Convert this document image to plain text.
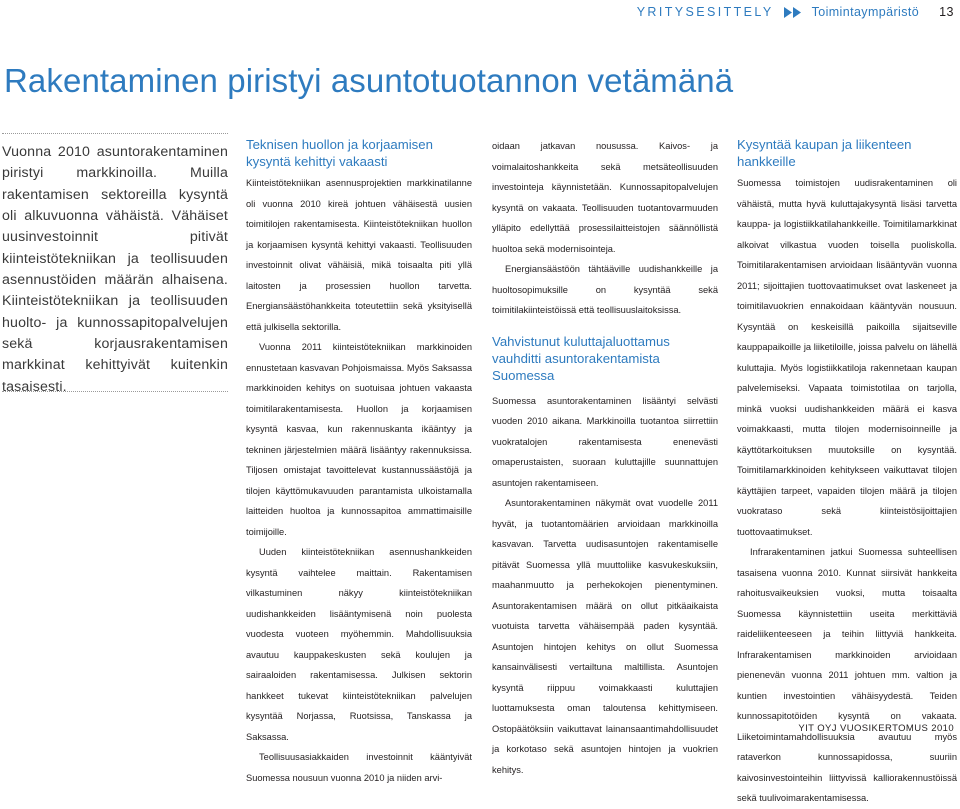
YRITYSESITTELY	Toimintaympäristö 13
Rakentaminen piristyi asuntotuotannon vetämänä

Vuonna 2010 asuntorakentaminen piristyi markkinoilla. Muilla rakentamisen sektoreilla kysyntä oli alkuvuonna vähäistä. Vähäiset uusinvestoinnit pitivät kiinteistötekniikan ja teollisuuden asennustöiden määrän alhaisena. Kiinteistötekniikan ja teollisuuden huolto- ja kunnossapitopalvelujen sekä korjausrakentamisen markkinat kehittyivät kuitenkin tasaisesti.

Teknisen huollon ja korjaamisen kysyntä kehittyi vakaasti

Kiinteistötekniikan asennusprojektien markkinatilanne oli vuonna 2010 kireä johtuen vähäisestä uusien toimitilojen rakentamisesta. Kiinteistötekniikan huollon ja korjaamisen kysyntä kehittyi vakaasti. Teollisuuden investoinnit olivat vähäisiä, mikä toisaalta piti yllä laitosten ja prosessien huollon tarvetta. Energiansäästöhankkeita toteutettiin sekä yksityisellä että julkisella sektorilla.

Vuonna 2011 kiinteistötekniikan markkinoiden ennustetaan kasvavan Pohjoismaissa. Myös Saksassa markkinoiden kehitys on suotuisaa johtuen vakaasta toimitilarakentamisesta. Huollon ja korjaamisen kysyntä kasvaa, kun rakennuskanta ikääntyy ja tekninen järjestelmien määrä lisääntyy rakennuksissa. Tiljosen omistajat tavoittelevat kustannussäästöjä ja tilojen käyttömukavuuden parantamista ulkoistamalla laitteiden huoltoa ja kunnossapitoa ammattimaisille toimijoille.

Uuden kiinteistötekniikan asennushankkeiden kysyntä vaihtelee maittain. Rakentamisen vilkastuminen näkyy kiinteistötekniikan uudishankkeiden lisääntymisenä noin puolesta vuodesta vuoteen myöhemmin. Mahdollisuuksia avautuu kauppakeskusten sekä koulujen ja sairaaloiden rakentamisessa. Julkisen sektorin hankkeet tukevat kiinteistötekniikan palvelujen kysyntää Norjassa, Ruotsissa, Tanskassa ja Saksassa.

Teollisuusasiakkaiden investoinnit kääntyivät Suomessa nousuun vuonna 2010 ja niiden arvi-

oidaan jatkavan nousussa. Kaivos- ja voimalaitoshankkeita sekä metsäteollisuuden investointeja käynnistetään. Kunnossapitopalvelujen kysyntä on vakaata. Teollisuuden tuotantovarmuuden ylläpito edellyttää prosessilaitteistojen säännöllistä huoltoa sekä modernisointeja.

Energiansäästöön tähtääville uudishankkeille ja huoltosopimuksille on kysyntää sekä toimitilakiinteistöissä että teollisuuslaitoksissa.

Vahvistunut kuluttajaluottamus vauhditti asuntorakentamista Suomessa

Suomessa asuntorakentaminen lisääntyi selvästi vuoden 2010 aikana. Markkinoilla tuotantoa siirrettiin vuokratalojen rakentamisesta enenevästi omaperustaisten, suoraan kuluttajille suunnattujen asuntojen rakentamiseen.

Asuntorakentaminen näkymät ovat vuodelle 2011 hyvät, ja tuotantomäärien arvioidaan markkinoilla kasvavan. Tarvetta uudisasuntojen rakentamiselle pitävät Suomessa yllä muuttoliike kasvukeskuksiin, maahanmuutto ja perhekokojen pienentyminen. Asuntorakentamisen määrä on ollut pitkäaikaista vuotuista tarvetta vähäisempää paden kysyntää. Asuntojen hintojen kehitys on ollut Suomessa kansainvälisesti vertailtuna maltillista. Asuntojen kysyntä riippuu voimakkaasti kuluttajien luottamuksesta oman taloutensa kehittymiseen. Ostopäätöksiin vaikuttavat lainansaantimahdollisuudet ja korkotaso sekä asuntojen hintojen ja vuokrien kehitys.

Kysyntää kaupan ja liikenteen hankkeille

Suomessa toimistojen uudisrakentaminen oli vähäistä, mutta hyvä kuluttajakysyntä lisäsi tarvetta kauppa- ja logistiikkatilahankkeille. Toimitilamarkkinat alkoivat vilkastua vuoden toisella puoliskolla. Toimitilarakentamisen arvioidaan lisääntyvän vuonna 2011; sijoittajien tuottovaatimukset ovat laskeneet ja toimitilavuokrien ennakoidaan kääntyvän nousuun. Kysyntää on keskeisillä paikoilla sijaitseville kauppapaikoille ja liiketiloille, joissa palvelu on lähellä kuluttajia. Myös logistiikkatiloja rakennetaan kaupan palvelemiseksi. Vapaata toimistotilaa on tarjolla, minkä vuoksi uudishankkeiden määrä ei kasva voimakkaasti, mutta tilojen modernisoinneille ja käyttötarkoituksen muutoksille on kysyntää. Toimitilamarkkinoiden kehitykseen vaikuttavat tilojen käyttäjien tarpeet, vapaiden tilojen määrä ja tilojen vuokrataso sekä kiinteistösijoittajien tuottovaatimukset.

Infrarakentaminen jatkui Suomessa suhteellisen tasaisena vuonna 2010. Kunnat siirsivät hankkeita rahoitusvaikeuksien vuoksi, mutta toisaalta Suomessa käynnistettiin useita merkittäviä raideliikenteeseen ja teihin liittyviä hankkeita. Infrarakentamisen markkinoiden arvioidaan pienenevän vuonna 2011 johtuen mm. valtion ja kuntien investointien vähäisyydestä. Teiden kunnossapitotöiden kysyntä on vakaata. Liiketoimintamahdollisuuksia avautuu myös rataverkon kunnossapidossa, suuriin kaivosinvestointeihin liittyvissä kalliorakennustöissä sekä tuulivoimarakentamisessa.

YIT OYJ VUOSIKERTOMUS 2010
